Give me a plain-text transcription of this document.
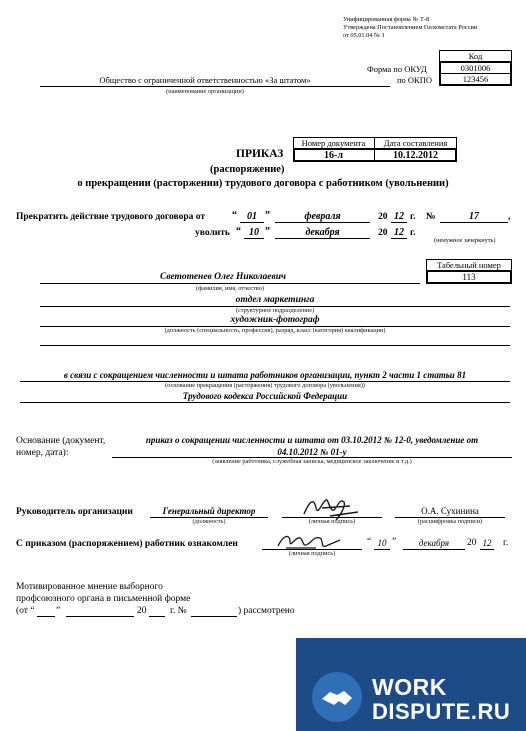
Унифицированная форма № Т-8
Утверждена Постановлением Госкомстата России
от 05.01.04 № 1
Код
0301006
123456
Форма по ОКУД
по ОКПО
Общество с ограниченной ответственностью «За штатом»
(наименование организации)
Номер документа	Дата составления
16-л	10.12.2012
ПРИКАЗ
(распоряжение)
о прекращении (расторжении) трудового договора с работником (увольнении)
Прекратить действие трудового договора от	“	01 ”	февраля	20 12 г. №	17	,
уволить “ 10 ”	декабря	20 12 г.
(ненужное зачеркнуть)
Табельный номер
113
Светотенев Олег Николаевич
(фамилия, имя, отчество)
отдел маркетинга
(структурное подразделение)
художник-фотограф
(должность (специальность, профессия), разряд, класс (категория) квалификации)
в связи с сокращением численности и штата работников организации, пункт 2 части 1 статьи 81
(основание прекращения (расторжения) трудового договора (увольнения))
Трудового кодекса Российской Федерации
Основание (документ,
номер, дата):
приказ о сокращении численности и штата от 03.10.2012 № 12-0, уведомление от
04.10.2012 № 01-у
(заявление работника, служебная записка, медицинское заключение и т.д.)
Руководитель организации	Генеральный директор
(должность)	(личная подпись)
О.А. Сухинина
(расшифровка подписи)
С приказом (распоряжением) работник ознакомлен
(личная подпись)
“ 10 ”	декабря	20 12 г.
Мотивированное мнение выборного
профсоюзного органа в письменной форме
(от “ ”	20 г. №	) рассмотрено
WORK
DISPUTE.RU
